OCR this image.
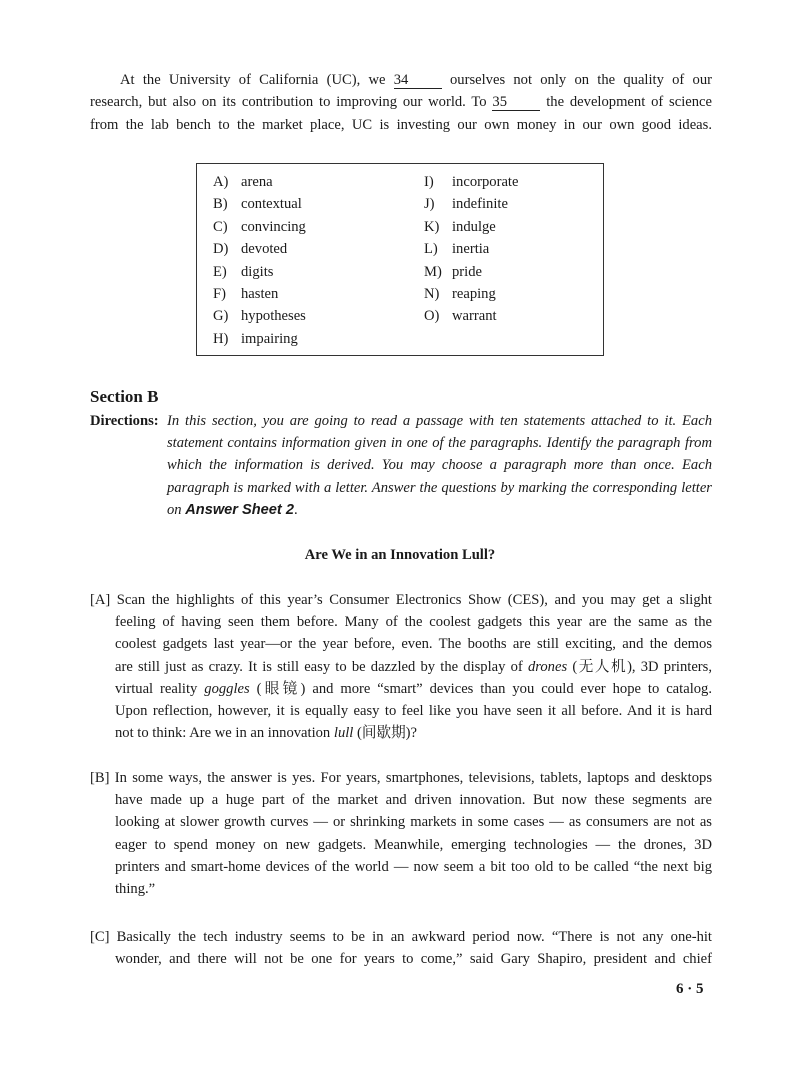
At the University of California (UC), we 34	ourselves not only on the quality of our
research, but also on its contribution to improving our world. To 35	the development of science
from the lab bench to the market place, UC is investing our own money in our own good ideas.
A) arena
B) contextual
C) convincing
D) devoted
E) digits
F) hasten
G) hypotheses
H) impairing
I) incorporate
J) indefinite
K) indulge
L) inertia
M) pride
N) reaping
O) warrant
Section B
Directions: In this section, you are going to read a passage with ten statements attached to it. Each
statement contains information given in one of the paragraphs. Identify the paragraph from
which the information is derived. You may choose a paragraph more than once. Each
paragraph is marked with a letter. Answer the questions by marking the corresponding letter
on Answer Sheet 2.
Are We in an Innovation Lull?
[A] Scan the highlights of this year’s Consumer Electronics Show (CES), and you may get a slight
feeling of having seen them before. Many of the coolest gadgets this year are the same as the
coolest gadgets last year—or the year before, even. The booths are still exciting, and the demos
are still just as crazy. It is still easy to be dazzled by the display of drones (无人机), 3D printers,
virtual reality goggles (眼镜) and more “smart” devices than you could ever hope to catalog.
Upon reflection, however, it is equally easy to feel like you have seen it all before. And it is hard
not to think: Are we in an innovation lull (间歇期)?
[B] In some ways, the answer is yes. For years, smartphones, televisions, tablets, laptops and desktops
have made up a huge part of the market and driven innovation. But now these segments are
looking at slower growth curves — or shrinking markets in some cases — as consumers are not as
eager to spend money on new gadgets. Meanwhile, emerging technologies — the drones, 3D
printers and smart-home devices of the world — now seem a bit too old to be called “the next big
thing.”
[C] Basically the tech industry seems to be in an awkward period now. “There is not any one-hit
wonder, and there will not be one for years to come,” said Gary Shapiro, president and chief
6 · 5
